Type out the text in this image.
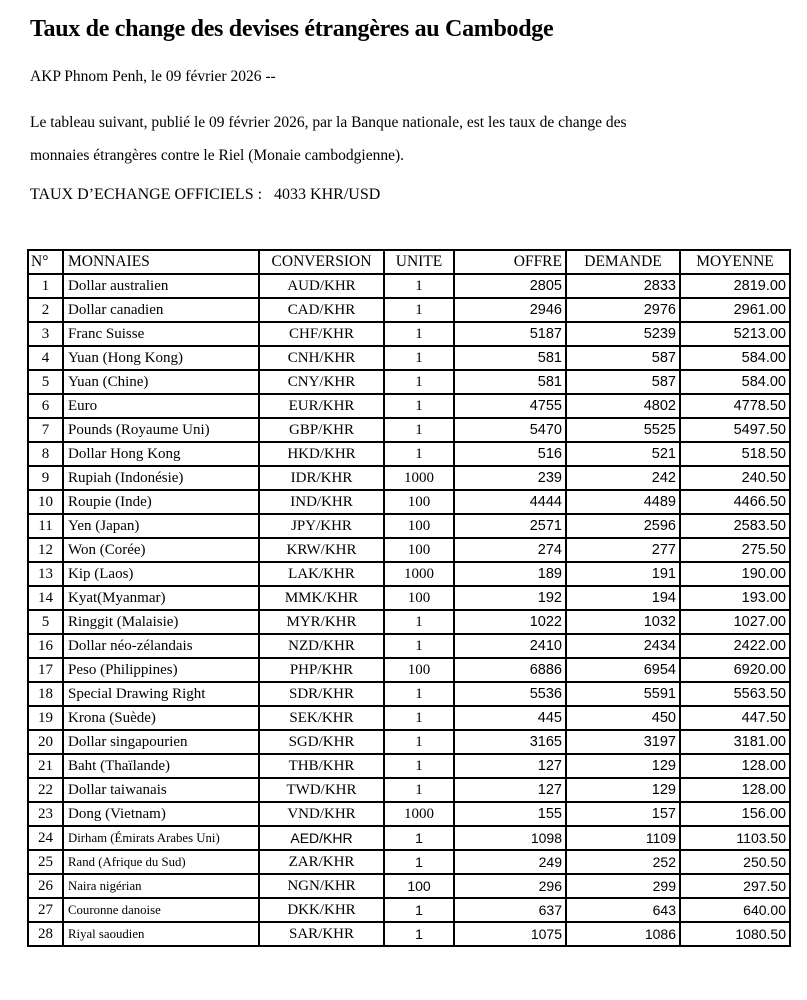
Taux de change des devises étrangères au Cambodge

AKP Phnom Penh, le 09 février 2026 --

Le tableau suivant, publié le 09 février 2026, par la Banque nationale, est les taux de change des
monnaies étrangères contre le Riel (Monaie cambodgienne).

TAUX D’ECHANGE OFFICIELS :   4033 KHR/USD

N°	MONNAIES	CONVERSION	UNITE	OFFRE	DEMANDE	MOYENNE
1	Dollar australien	AUD/KHR	1	2805	2833	2819.00
2	Dollar canadien	CAD/KHR	1	2946	2976	2961.00
3	Franc Suisse	CHF/KHR	1	5187	5239	5213.00
4	Yuan (Hong Kong)	CNH/KHR	1	581	587	584.00
5	Yuan (Chine)	CNY/KHR	1	581	587	584.00
6	Euro	EUR/KHR	1	4755	4802	4778.50
7	Pounds (Royaume Uni)	GBP/KHR	1	5470	5525	5497.50
8	Dollar Hong Kong	HKD/KHR	1	516	521	518.50
9	Rupiah (Indonésie)	IDR/KHR	1000	239	242	240.50
10	Roupie (Inde)	IND/KHR	100	4444	4489	4466.50
11	Yen (Japan)	JPY/KHR	100	2571	2596	2583.50
12	Won (Corée)	KRW/KHR	100	274	277	275.50
13	Kip (Laos)	LAK/KHR	1000	189	191	190.00
14	Kyat(Myanmar)	MMK/KHR	100	192	194	193.00
5	Ringgit (Malaisie)	MYR/KHR	1	1022	1032	1027.00
16	Dollar néo-zélandais	NZD/KHR	1	2410	2434	2422.00
17	Peso (Philippines)	PHP/KHR	100	6886	6954	6920.00
18	Special Drawing Right	SDR/KHR	1	5536	5591	5563.50
19	Krona (Suède)	SEK/KHR	1	445	450	447.50
20	Dollar singapourien	SGD/KHR	1	3165	3197	3181.00
21	Baht (Thaïlande)	THB/KHR	1	127	129	128.00
22	Dollar taiwanais	TWD/KHR	1	127	129	128.00
23	Dong (Vietnam)	VND/KHR	1000	155	157	156.00
24	Dirham (Émirats Arabes Uni)	AED/KHR	1	1098	1109	1103.50
25	Rand (Afrique du Sud)	ZAR/KHR	1	249	252	250.50
26	Naira nigérian	NGN/KHR	100	296	299	297.50
27	Couronne danoise	DKK/KHR	1	637	643	640.00
28	Riyal saoudien	SAR/KHR	1	1075	1086	1080.50
